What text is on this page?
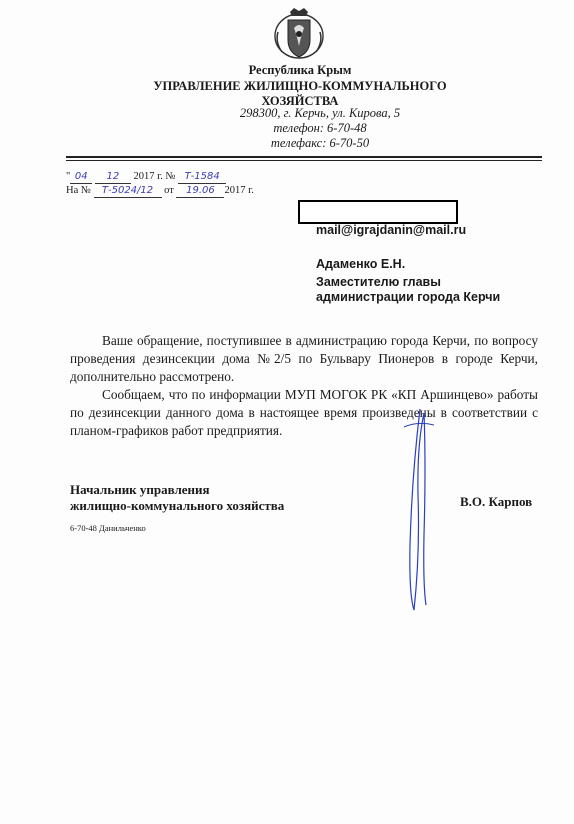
Республика Крым
УПРАВЛЕНИЕ ЖИЛИЩНО-КОММУНАЛЬНОГО
ХОЗЯЙСТВА
298300, г. Керчь, ул. Кирова, 5
телефон: 6-70-48
телефакс: 6-70-50
" 04 12 2017 г. № Т-1584
На № Т-5024/12 от 19.06 2017 г.
mail@igrajdanin@mail.ru
Адаменко Е.Н.
Заместителю главы
администрации города Керчи

Ваше обращение, поступившее в администрацию города Керчи, по вопросу проведения дезинсекции дома №2/5 по Бульвару Пионеров в городе Керчи, дополнительно рассмотрено.

Сообщаем, что по информации МУП МОГОК РК «КП Аршинцево» работы по дезинсекции данного дома в настоящее время произведены в соответствии с планом-графиков работ предприятия.

Начальник управления
жилищно-коммунального хозяйства	В.О. Карпов
6-70-48 Данильченко
